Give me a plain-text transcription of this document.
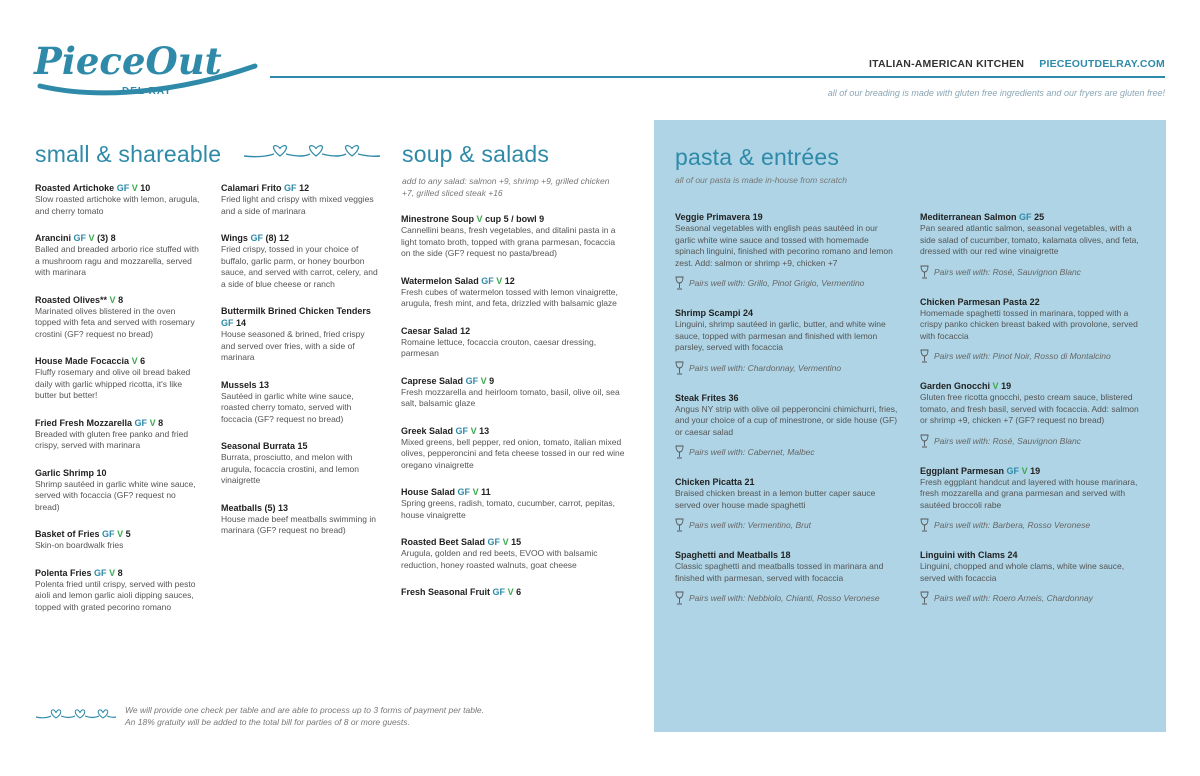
PieceOut
DEL RAY
ITALIAN-AMERICAN KITCHEN PIECEOUTDELRAY.COM
all of our breading is made with gluten free ingredients and our fryers are gluten free!
small & shareable	soup & salads
add to any salad: salmon +9, shrimp +9, grilled chicken +7, grilled sliced steak +16
pasta & entrées
all of our pasta is made in-house from scratch
Roasted Artichoke GF V 10
Slow roasted artichoke with lemon, arugula, and cherry tomato
Arancini GF V (3) 8
Balled and breaded arborio rice stuffed with a mushroom ragu and mozzarella, served with marinara
Roasted Olives** V 8
Marinated olives blistered in the oven topped with feta and served with rosemary crostini (GF? request no bread)
House Made Focaccia V 6
Fluffy rosemary and olive oil bread baked daily with garlic whipped ricotta, it's like butter but better!
Fried Fresh Mozzarella GF V 8
Breaded with gluten free panko and fried crispy, served with marinara
Garlic Shrimp 10
Shrimp sautéed in garlic white wine sauce, served with focaccia (GF? request no bread)
Basket of Fries GF V 5
Skin-on boardwalk fries
Polenta Fries GF V 8
Polenta fried until crispy, served with pesto aioli and lemon garlic aioli dipping sauces, topped with grated pecorino romano
Calamari Frito GF 12
Fried light and crispy with mixed veggies and a side of marinara
Wings GF (8) 12
Fried crispy, tossed in your choice of buffalo, garlic parm, or honey bourbon sauce, and served with carrot, celery, and a side of blue cheese or ranch
Buttermilk Brined Chicken Tenders GF 14
House seasoned & brined, fried crispy and served over fries, with a side of marinara
Mussels 13
Sautéed in garlic white wine sauce, roasted cherry tomato, served with foccacia (GF? request no bread)
Seasonal Burrata 15
Burrata, prosciutto, and melon with arugula, focaccia crostini, and lemon vinaigrette
Meatballs (5) 13
House made beef meatballs swimming in marinara (GF? request no bread)
Minestrone Soup V cup 5 / bowl 9
Cannellini beans, fresh vegetables, and ditalini pasta in a light tomato broth, topped with grana parmesan, focaccia on the side (GF? request no pasta/bread)
Watermelon Salad GF V 12
Fresh cubes of watermelon tossed with lemon vinaigrette, arugula, fresh mint, and feta, drizzled with balsamic glaze
Caesar Salad 12
Romaine lettuce, focaccia crouton, caesar dressing, parmesan
Caprese Salad GF V 9
Fresh mozzarella and heirloom tomato, basil, olive oil, sea salt, balsamic glaze
Greek Salad GF V 13
Mixed greens, bell pepper, red onion, tomato, italian mixed olives, pepperoncini and feta cheese tossed in our red wine oregano vinaigrette
House Salad GF V 11
Spring greens, radish, tomato, cucumber, carrot, pepitas, house vinaigrette
Roasted Beet Salad GF V 15
Arugula, golden and red beets, EVOO with balsamic reduction, honey roasted walnuts, goat cheese
Fresh Seasonal Fruit GF V 6
Veggie Primavera 19
Seasonal vegetables with english peas sautéed in our garlic white wine sauce and tossed with homemade spinach linguini, finished with pecorino romano and lemon zest. Add: salmon or shrimp +9, chicken +7
Pairs well with: Grillo, Pinot Grigio, Vermentino
Shrimp Scampi 24
Linguini, shrimp sautéed in garlic, butter, and white wine sauce, topped with parmesan and finished with lemon parsley, served with focaccia
Pairs well with: Chardonnay, Vermentino
Steak Frites 36
Angus NY strip with olive oil pepperoncini chimichurri, fries, and your choice of a cup of minestrone, or side house (GF) or caesar salad
Pairs well with: Cabernet, Malbec
Chicken Picatta 21
Braised chicken breast in a lemon butter caper sauce served over house made spaghetti
Pairs well with: Vermentino, Brut
Spaghetti and Meatballs 18
Classic spaghetti and meatballs tossed in marinara and finished with parmesan, served with focaccia
Pairs well with: Nebbiolo, Chianti, Rosso Veronese
Mediterranean Salmon GF 25
Pan seared atlantic salmon, seasonal vegetables, with a side salad of cucumber, tomato, kalamata olives, and feta, dressed with our red wine vinaigrette
Pairs well with: Rosé, Sauvignon Blanc
Chicken Parmesan Pasta 22
Homemade spaghetti tossed in marinara, topped with a crispy panko chicken breast baked with provolone, served with focaccia
Pairs well with: Pinot Noir, Rosso di Montalcino
Garden Gnocchi V 19
Gluten free ricotta gnocchi, pesto cream sauce, blistered tomato, and fresh basil, served with focaccia. Add: salmon or shrimp +9, chicken +7 (GF? request no bread)
Pairs well with: Rosé, Sauvignon Blanc
Eggplant Parmesan GF V 19
Fresh eggplant handcut and layered with house marinara, fresh mozzarella and grana parmesan and served with sautéed broccoli rabe
Pairs well with: Barbera, Rosso Veronese
Linguini with Clams 24
Linguini, chopped and whole clams, white wine sauce, served with focaccia
Pairs well with: Roero Arneis, Chardonnay
We will provide one check per table and are able to process up to 3 forms of payment per table.
An 18% gratuity will be added to the total bill for parties of 8 or more guests.
